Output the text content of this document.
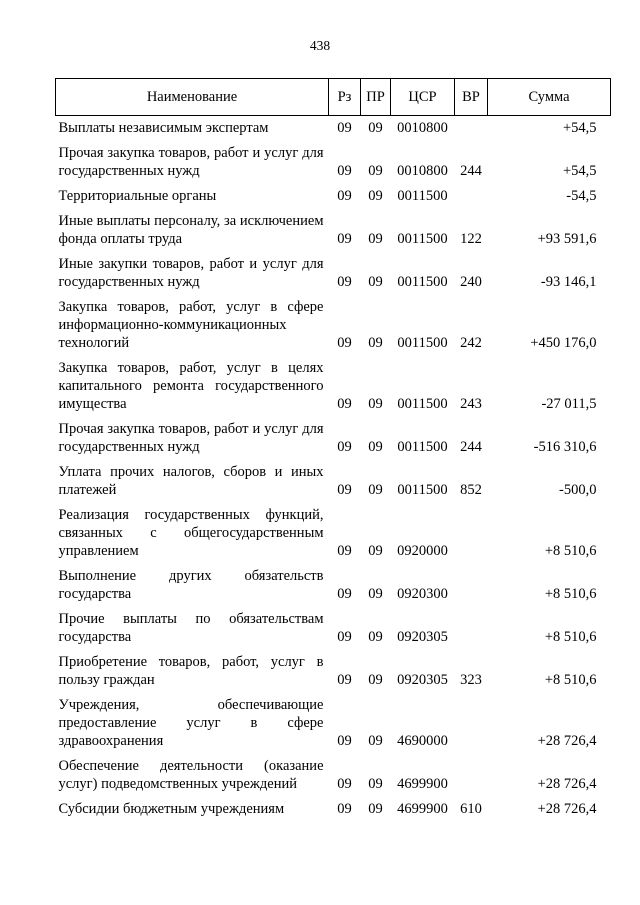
438
Наименование	Рз	ПР	ЦСР	ВР	Сумма
Выплаты независимым экспертам	09	09	0010800		+54,5
Прочая закупка товаров, работ и услуг для государственных нужд	09	09	0010800	244	+54,5
Территориальные органы	09	09	0011500		-54,5
Иные выплаты персоналу, за исключением фонда оплаты труда	09	09	0011500	122	+93 591,6
Иные закупки товаров, работ и услуг для государственных нужд	09	09	0011500	240	-93 146,1
Закупка товаров, работ, услуг в сфере информационно-коммуникационных технологий	09	09	0011500	242	+450 176,0
Закупка товаров, работ, услуг в целях капитального ремонта государственного имущества	09	09	0011500	243	-27 011,5
Прочая закупка товаров, работ и услуг для государственных нужд	09	09	0011500	244	-516 310,6
Уплата прочих налогов, сборов и иных платежей	09	09	0011500	852	-500,0
Реализация государственных функций, связанных с общегосударственным управлением	09	09	0920000		+8 510,6
Выполнение других обязательств государства	09	09	0920300		+8 510,6
Прочие выплаты по обязательствам государства	09	09	0920305		+8 510,6
Приобретение товаров, работ, услуг в пользу граждан	09	09	0920305	323	+8 510,6
Учреждения, обеспечивающие предоставление услуг в сфере здравоохранения	09	09	4690000		+28 726,4
Обеспечение деятельности (оказание услуг) подведомственных учреждений	09	09	4699900		+28 726,4
Субсидии бюджетным учреждениям	09	09	4699900	610	+28 726,4
